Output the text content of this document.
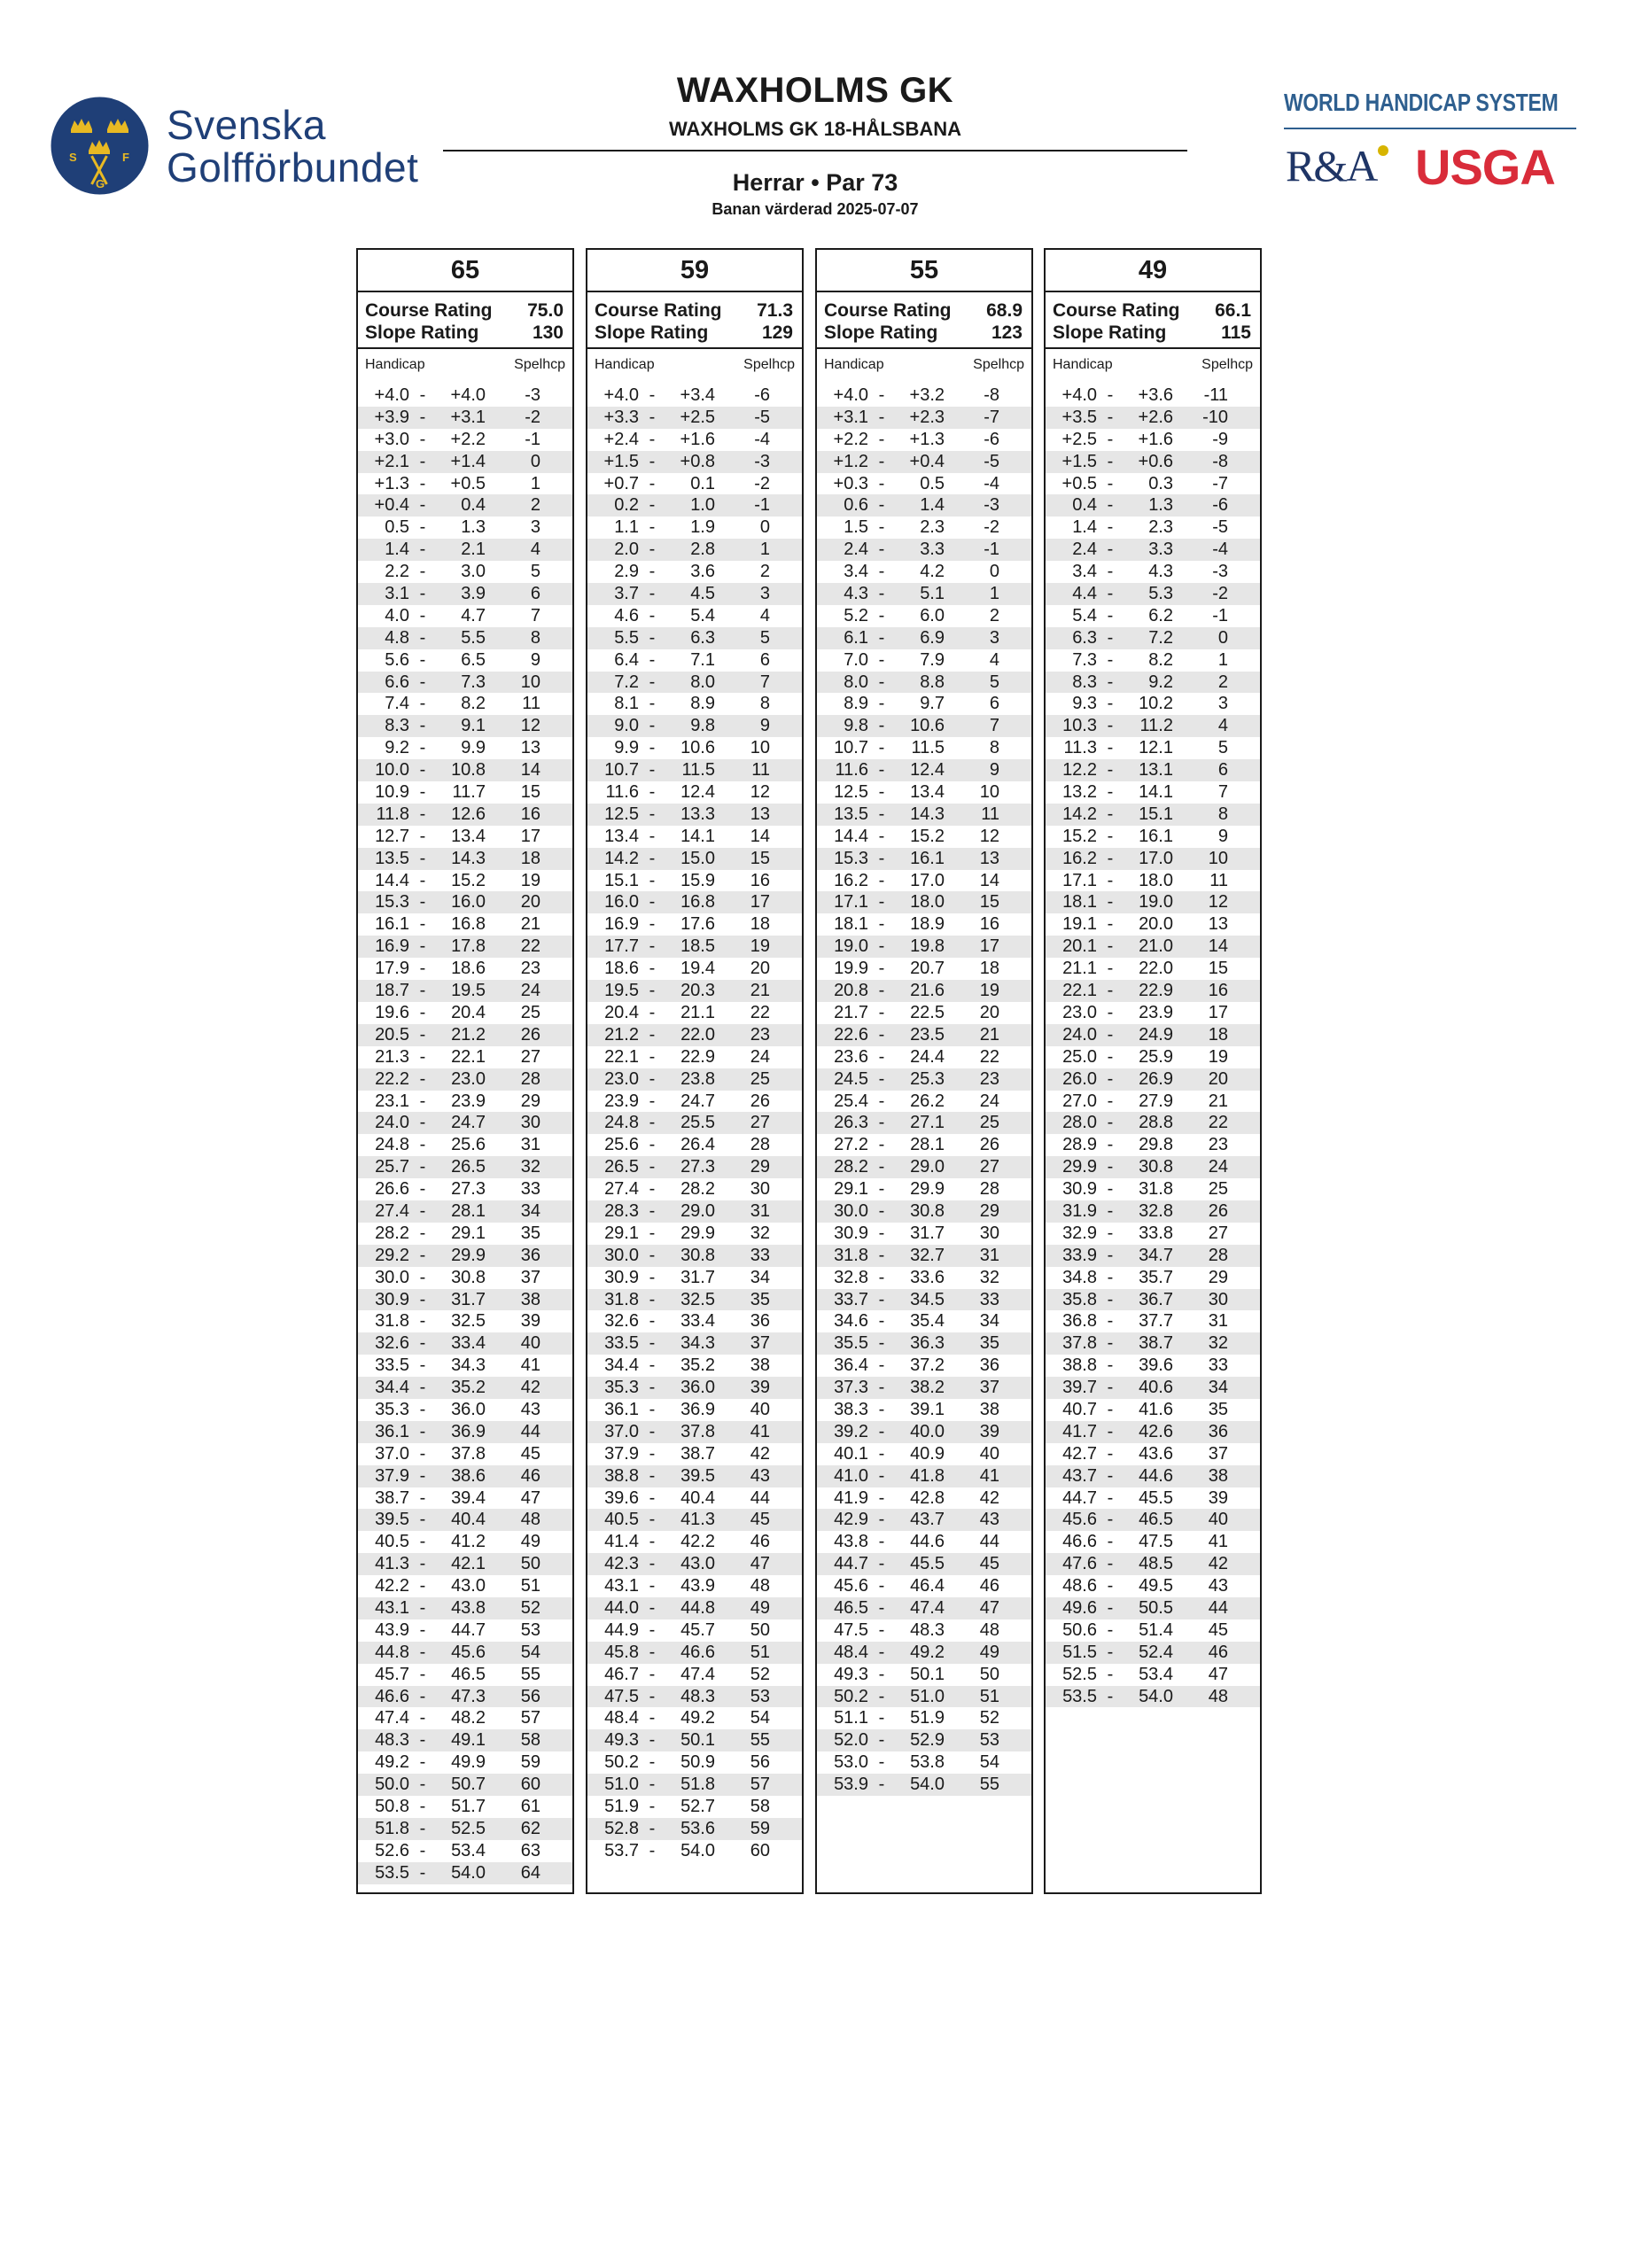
S
G
F
Svenska
Golfförbundet
WAXHOLMS GK
WAXHOLMS GK 18-HÅLSBANA
Herrar • Par 73
Banan värderad 2025-07-07
WORLD HANDICAP SYSTEM
R&A USGA
65
Course Rating 75.0
Slope Rating	130
Handicap	Spelhcp
+4.0 -	+4.0	-3
+3.9 -	+3.1	-2
+3.0 -	+2.2	-1
+2.1 -	+1.4	0
+1.3 -	+0.5	1
+0.4 -	0.4	2
0.5 -	1.3	3
1.4 -	2.1	4
2.2 -	3.0	5
3.1 -	3.9	6
4.0 -	4.7	7
4.8 -	5.5	8
5.6 -	6.5	9
6.6 -	7.3	10
7.4 -	8.2	11
8.3 -	9.1	12
9.2 -	9.9	13
10.0 -	10.8	14
10.9 -	11.7	15
11.8 -	12.6	16
12.7 -	13.4	17
13.5 -	14.3	18
14.4 -	15.2	19
15.3 -	16.0	20
16.1 -	16.8	21
16.9 -	17.8	22
17.9 -	18.6	23
18.7 -	19.5	24
19.6 -	20.4	25
20.5 -	21.2	26
21.3 -	22.1	27
22.2 -	23.0	28
23.1 -	23.9	29
24.0 -	24.7	30
24.8 -	25.6	31
25.7 -	26.5	32
26.6 -	27.3	33
27.4 -	28.1	34
28.2 -	29.1	35
29.2 -	29.9	36
30.0 -	30.8	37
30.9 -	31.7	38
31.8 -	32.5	39
32.6 -	33.4	40
33.5 -	34.3	41
34.4 -	35.2	42
35.3 -	36.0	43
36.1 -	36.9	44
37.0 -	37.8	45
37.9 -	38.6	46
38.7 -	39.4	47
39.5 -	40.4	48
40.5 -	41.2	49
41.3 -	42.1	50
42.2 -	43.0	51
43.1 -	43.8	52
43.9 -	44.7	53
44.8 -	45.6	54
45.7 -	46.5	55
46.6 -	47.3	56
47.4 -	48.2	57
48.3 -	49.1	58
49.2 -	49.9	59
50.0 -	50.7	60
50.8 -	51.7	61
51.8 -	52.5	62
52.6 -	53.4	63
53.5 -	54.0	64
59
Course Rating 71.3
Slope Rating	129
Handicap	Spelhcp
+4.0 -	+3.4	-6
+3.3 -	+2.5	-5
+2.4 -	+1.6	-4
+1.5 -	+0.8	-3
+0.7 -	0.1	-2
0.2 -	1.0	-1
1.1 -	1.9	0
2.0 -	2.8	1
2.9 -	3.6	2
3.7 -	4.5	3
4.6 -	5.4	4
5.5 -	6.3	5
6.4 -	7.1	6
7.2 -	8.0	7
8.1 -	8.9	8
9.0 -	9.8	9
9.9 -	10.6	10
10.7 -	11.5	11
11.6 -	12.4	12
12.5 -	13.3	13
13.4 -	14.1	14
14.2 -	15.0	15
15.1 -	15.9	16
16.0 -	16.8	17
16.9 -	17.6	18
17.7 -	18.5	19
18.6 -	19.4	20
19.5 -	20.3	21
20.4 -	21.1	22
21.2 -	22.0	23
22.1 -	22.9	24
23.0 -	23.8	25
23.9 -	24.7	26
24.8 -	25.5	27
25.6 -	26.4	28
26.5 -	27.3	29
27.4 -	28.2	30
28.3 -	29.0	31
29.1 -	29.9	32
30.0 -	30.8	33
30.9 -	31.7	34
31.8 -	32.5	35
32.6 -	33.4	36
33.5 -	34.3	37
34.4 -	35.2	38
35.3 -	36.0	39
36.1 -	36.9	40
37.0 -	37.8	41
37.9 -	38.7	42
38.8 -	39.5	43
39.6 -	40.4	44
40.5 -	41.3	45
41.4 -	42.2	46
42.3 -	43.0	47
43.1 -	43.9	48
44.0 -	44.8	49
44.9 -	45.7	50
45.8 -	46.6	51
46.7 -	47.4	52
47.5 -	48.3	53
48.4 -	49.2	54
49.3 -	50.1	55
50.2 -	50.9	56
51.0 -	51.8	57
51.9 -	52.7	58
52.8 -	53.6	59
53.7 -	54.0	60
55
Course Rating 68.9
Slope Rating	123
Handicap	Spelhcp
+4.0 -	+3.2	-8
+3.1 -	+2.3	-7
+2.2 -	+1.3	-6
+1.2 -	+0.4	-5
+0.3 -	0.5	-4
0.6 -	1.4	-3
1.5 -	2.3	-2
2.4 -	3.3	-1
3.4 -	4.2	0
4.3 -	5.1	1
5.2 -	6.0	2
6.1 -	6.9	3
7.0 -	7.9	4
8.0 -	8.8	5
8.9 -	9.7	6
9.8 -	10.6	7
10.7 -	11.5	8
11.6 -	12.4	9
12.5 -	13.4	10
13.5 -	14.3	11
14.4 -	15.2	12
15.3 -	16.1	13
16.2 -	17.0	14
17.1 -	18.0	15
18.1 -	18.9	16
19.0 -	19.8	17
19.9 -	20.7	18
20.8 -	21.6	19
21.7 -	22.5	20
22.6 -	23.5	21
23.6 -	24.4	22
24.5 -	25.3	23
25.4 -	26.2	24
26.3 -	27.1	25
27.2 -	28.1	26
28.2 -	29.0	27
29.1 -	29.9	28
30.0 -	30.8	29
30.9 -	31.7	30
31.8 -	32.7	31
32.8 -	33.6	32
33.7 -	34.5	33
34.6 -	35.4	34
35.5 -	36.3	35
36.4 -	37.2	36
37.3 -	38.2	37
38.3 -	39.1	38
39.2 -	40.0	39
40.1 -	40.9	40
41.0 -	41.8	41
41.9 -	42.8	42
42.9 -	43.7	43
43.8 -	44.6	44
44.7 -	45.5	45
45.6 -	46.4	46
46.5 -	47.4	47
47.5 -	48.3	48
48.4 -	49.2	49
49.3 -	50.1	50
50.2 -	51.0	51
51.1 -	51.9	52
52.0 -	52.9	53
53.0 -	53.8	54
53.9 -	54.0	55
49
Course Rating 66.1
Slope Rating	115
Handicap	Spelhcp
+4.0 -	+3.6	-11
+3.5 -	+2.6	-10
+2.5 -	+1.6	-9
+1.5 -	+0.6	-8
+0.5 -	0.3	-7
0.4 -	1.3	-6
1.4 -	2.3	-5
2.4 -	3.3	-4
3.4 -	4.3	-3
4.4 -	5.3	-2
5.4 -	6.2	-1
6.3 -	7.2	0
7.3 -	8.2	1
8.3 -	9.2	2
9.3 -	10.2	3
10.3 -	11.2	4
11.3 -	12.1	5
12.2 -	13.1	6
13.2 -	14.1	7
14.2 -	15.1	8
15.2 -	16.1	9
16.2 -	17.0	10
17.1 -	18.0	11
18.1 -	19.0	12
19.1 -	20.0	13
20.1 -	21.0	14
21.1 -	22.0	15
22.1 -	22.9	16
23.0 -	23.9	17
24.0 -	24.9	18
25.0 -	25.9	19
26.0 -	26.9	20
27.0 -	27.9	21
28.0 -	28.8	22
28.9 -	29.8	23
29.9 -	30.8	24
30.9 -	31.8	25
31.9 -	32.8	26
32.9 -	33.8	27
33.9 -	34.7	28
34.8 -	35.7	29
35.8 -	36.7	30
36.8 -	37.7	31
37.8 -	38.7	32
38.8 -	39.6	33
39.7 -	40.6	34
40.7 -	41.6	35
41.7 -	42.6	36
42.7 -	43.6	37
43.7 -	44.6	38
44.7 -	45.5	39
45.6 -	46.5	40
46.6 -	47.5	41
47.6 -	48.5	42
48.6 -	49.5	43
49.6 -	50.5	44
50.6 -	51.4	45
51.5 -	52.4	46
52.5 -	53.4	47
53.5 -	54.0	48
